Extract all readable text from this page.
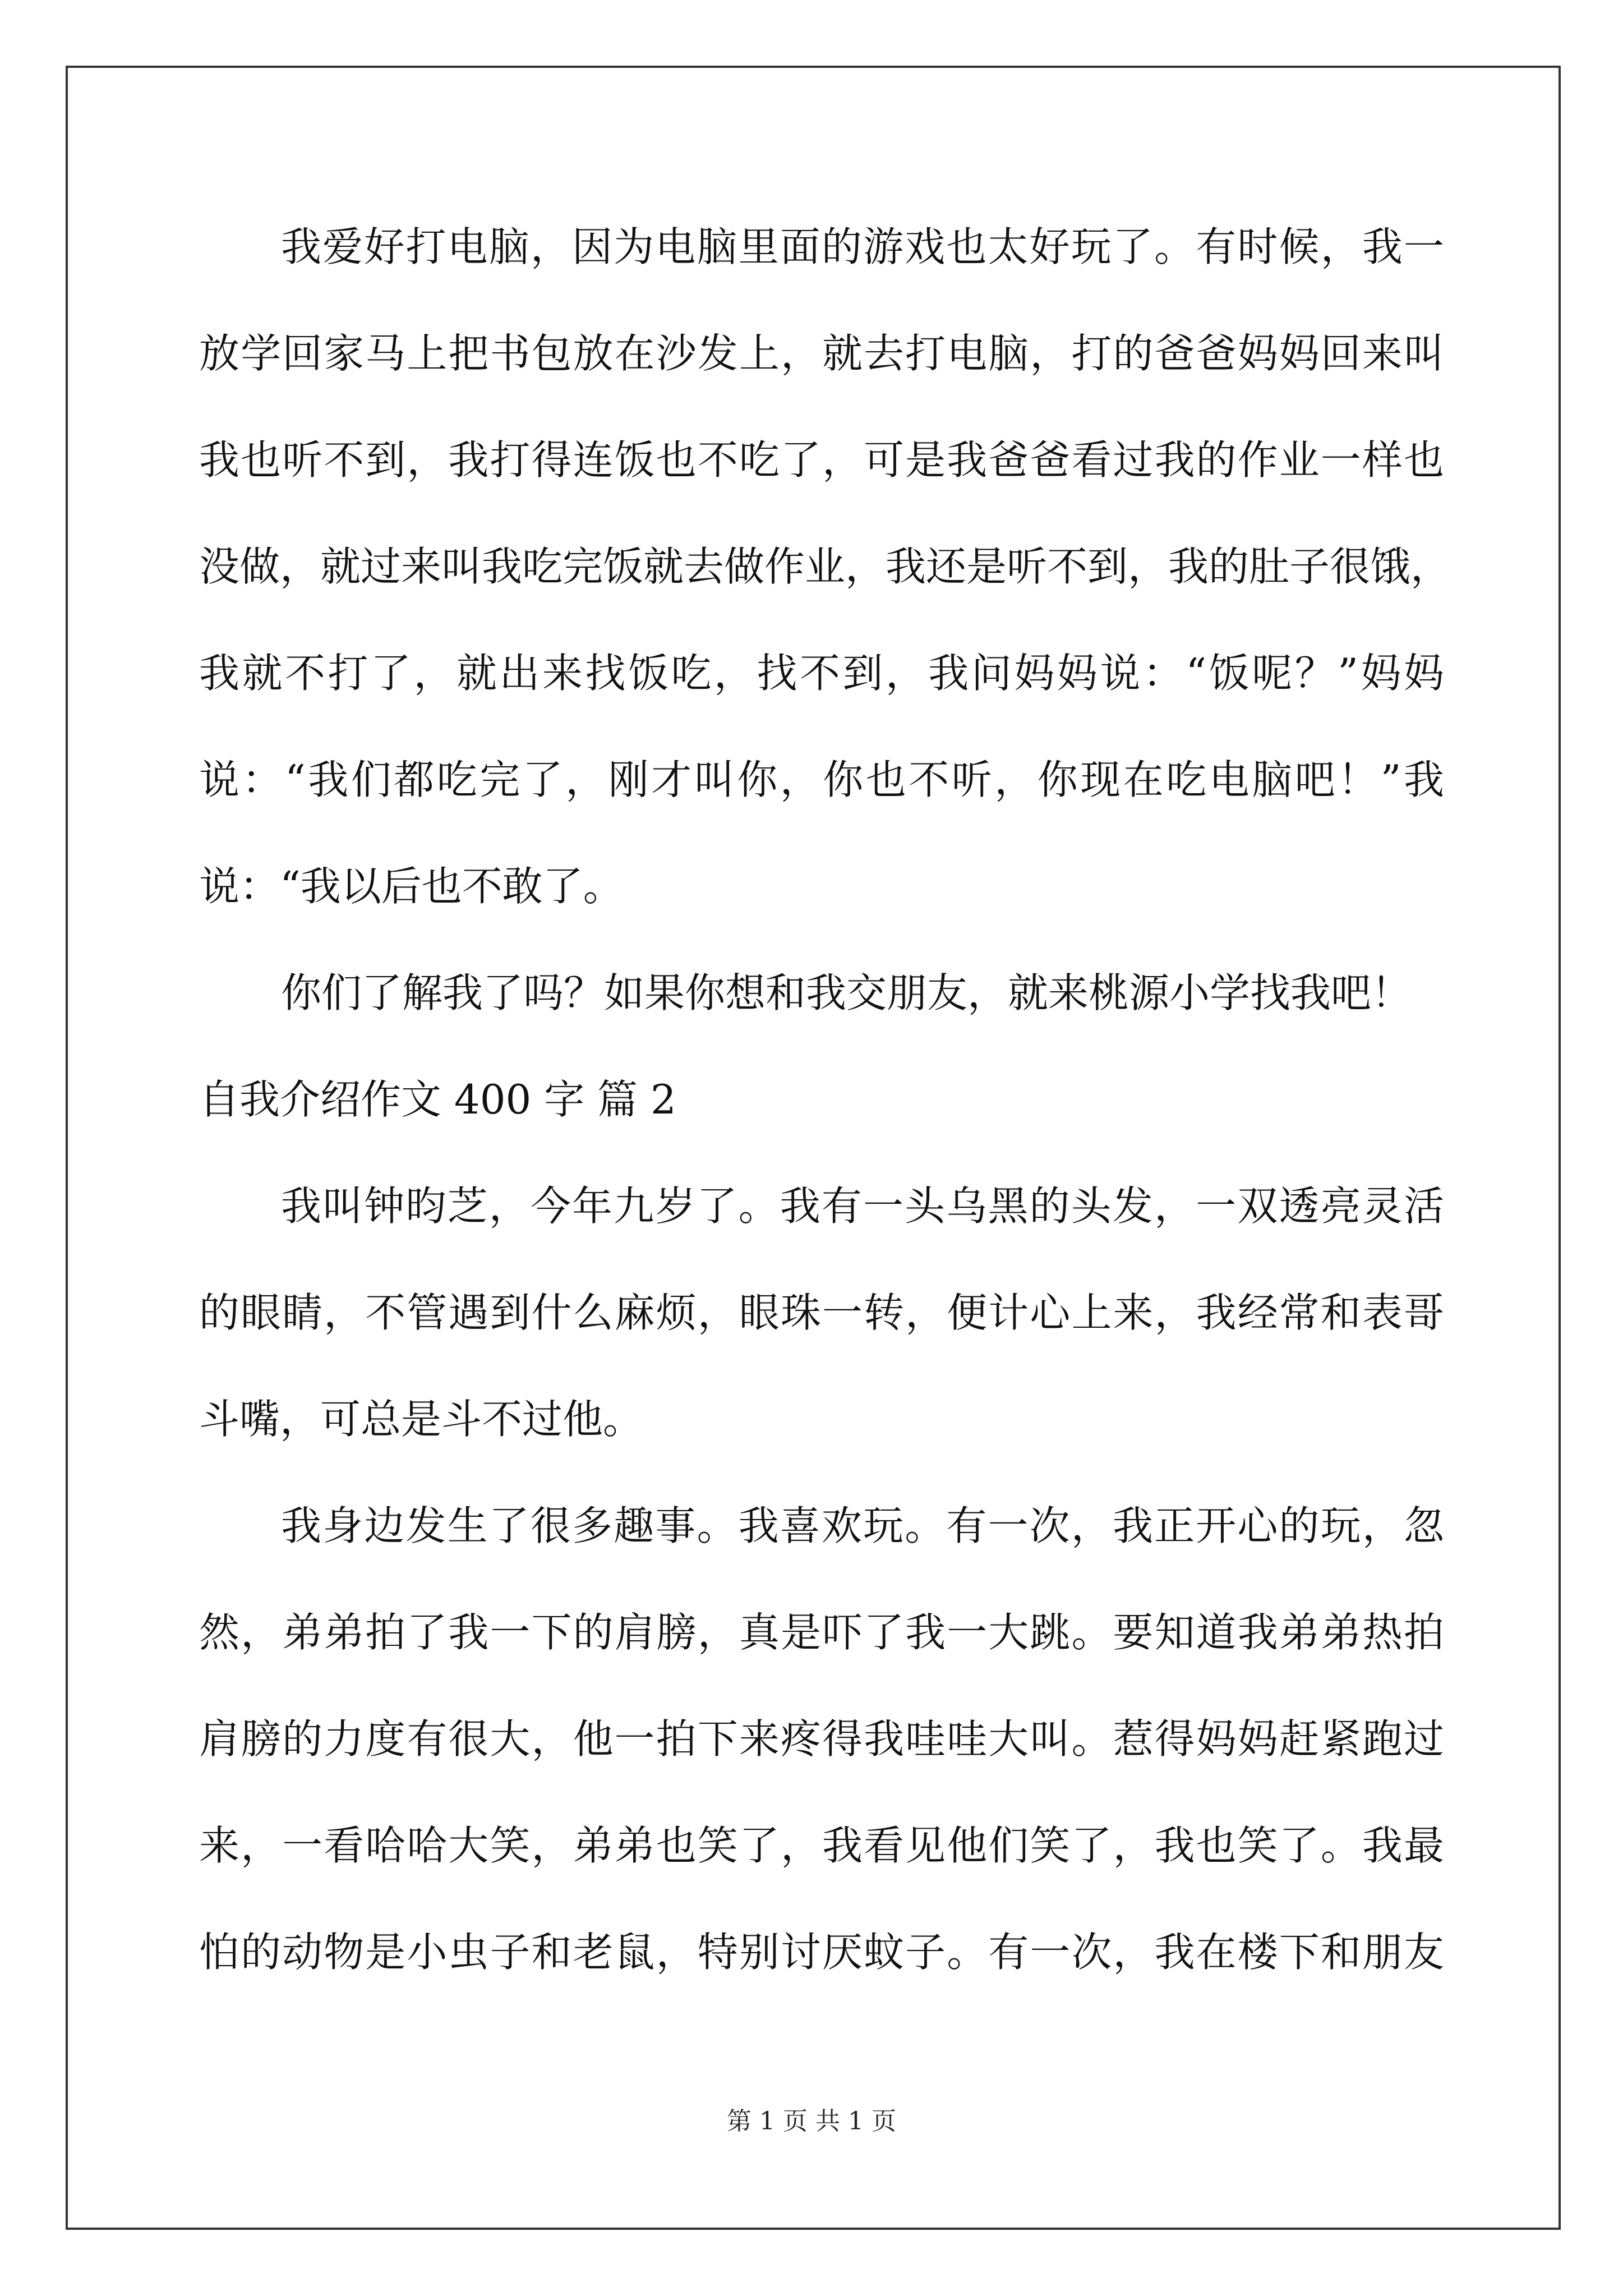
我爱好打电脑，因为电脑里面的游戏也太好玩了。有时候，我一
放学回家马上把书包放在沙发上，就去打电脑，打的爸爸妈妈回来叫
我也听不到，我打得连饭也不吃了，可是我爸爸看过我的作业一样也
没做，就过来叫我吃完饭就去做作业，我还是听不到，我的肚子很饿，
我就不打了，就出来找饭吃，找不到，我问妈妈说：“饭呢？”妈妈
说：“我们都吃完了，刚才叫你，你也不听，你现在吃电脑吧！”我
说：“我以后也不敢了。
你们了解我了吗？如果你想和我交朋友，就来桃源小学找我吧！
自我介绍作文 400 字 篇 2
我叫钟昀芝，今年九岁了。我有一头乌黑的头发，一双透亮灵活
的眼睛，不管遇到什么麻烦，眼珠一转，便计心上来，我经常和表哥
斗嘴，可总是斗不过他。
我身边发生了很多趣事。我喜欢玩。有一次，我正开心的玩，忽
然，弟弟拍了我一下的肩膀，真是吓了我一大跳。要知道我弟弟热拍
肩膀的力度有很大，他一拍下来疼得我哇哇大叫。惹得妈妈赶紧跑过
来，一看哈哈大笑，弟弟也笑了，我看见他们笑了，我也笑了。我最
怕的动物是小虫子和老鼠，特别讨厌蚊子。有一次，我在楼下和朋友
第 1 页 共 1 页
